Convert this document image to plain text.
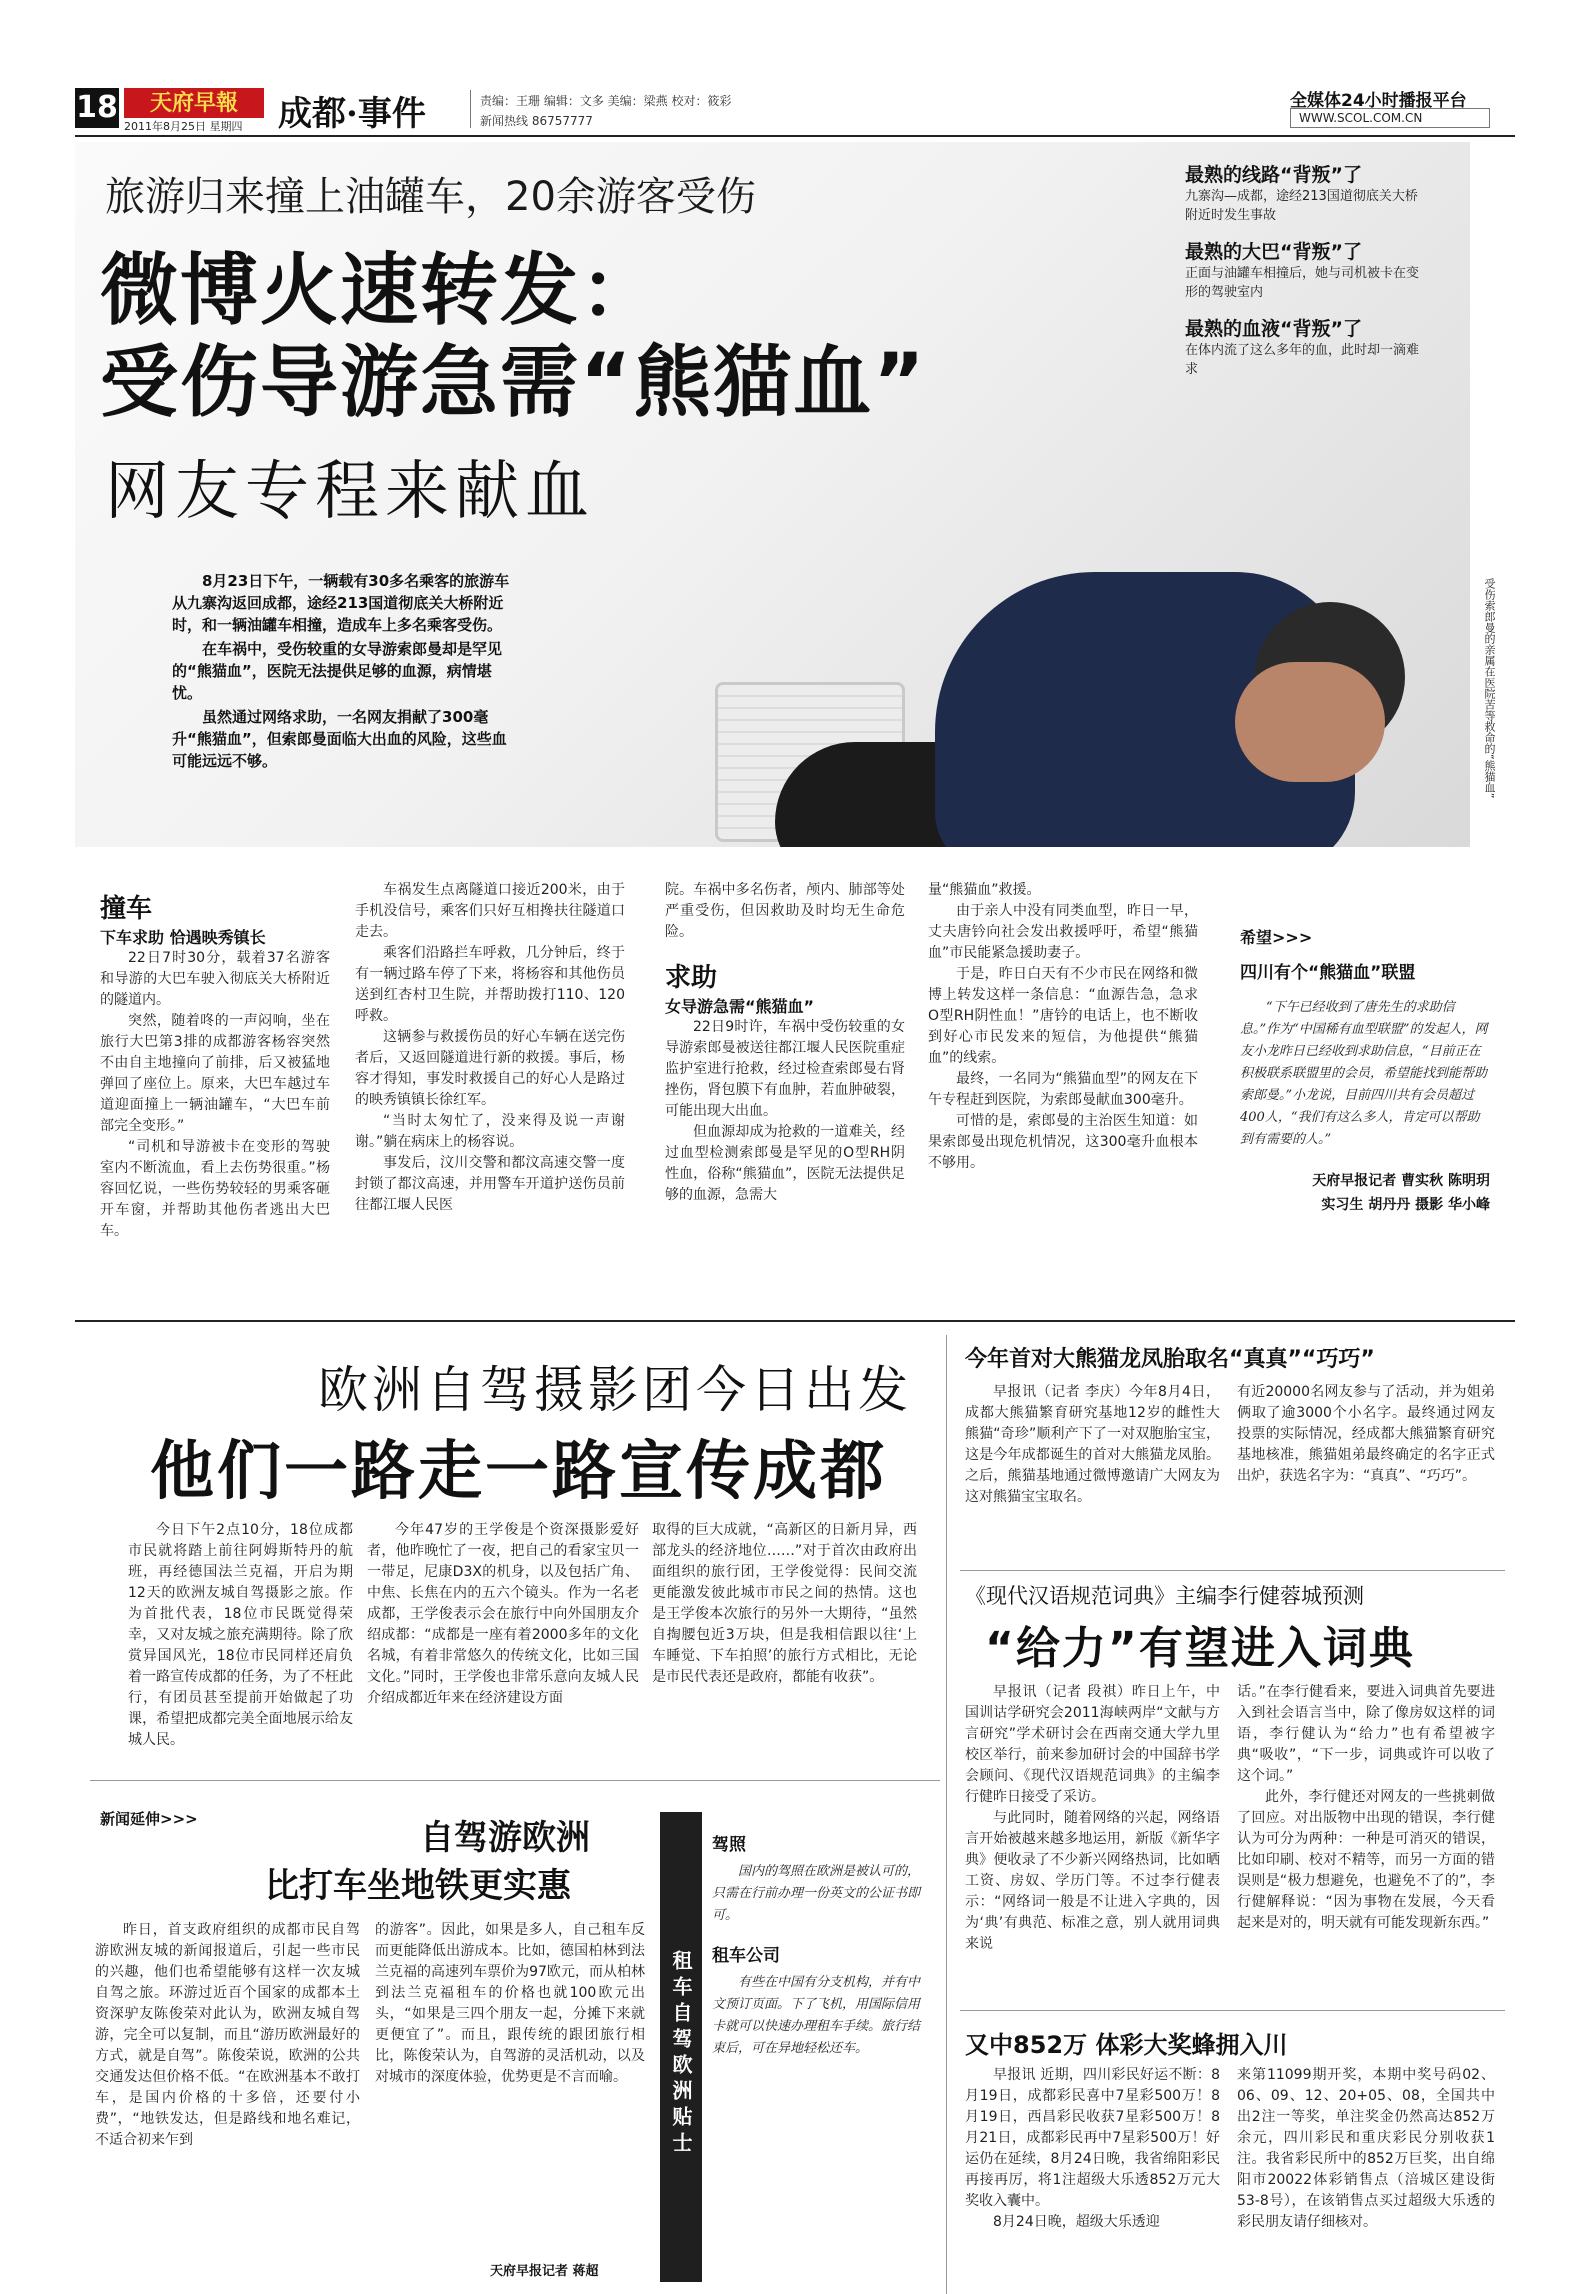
18	天府早報
2011年8月25日 星期四 成都·事件	责编：王珊 编辑：文多 美编：梁燕 校对：筱彩
新闻热线 86757777
全媒体24小时播报平台
WWW.SCOL.COM.CN
旅游归来撞上油罐车，20余游客受伤
微博火速转发：
受伤导游急需“熊猫血”
网友专程来献血

8月23日下午，一辆载有30多名乘客的旅游车从九寨沟返回成都，途经213国道彻底关大桥附近时，和一辆油罐车相撞，造成车上多名乘客受伤。

在车祸中，受伤较重的女导游索郎曼却是罕见的“熊猫血”，医院无法提供足够的血源，病情堪忧。

虽然通过网络求助，一名网友捐献了300毫升“熊猫血”，但索郎曼面临大出血的风险，这些血可能远远不够。

最熟的线路“背叛”了
九寨沟—成都，途经213国道彻底关大桥附近时发生事故
最熟的大巴“背叛”了
正面与油罐车相撞后，她与司机被卡在变形的驾驶室内
最熟的血液“背叛”了
在体内流了这么多年的血，此时却一滴难求
受伤索郎曼的亲属在医院苦等救命的“熊猫血”
撞车
下车求助 恰遇映秀镇长

22日7时30分，载着37名游客和导游的大巴车驶入彻底关大桥附近的隧道内。

突然，随着咚的一声闷响，坐在旅行大巴第3排的成都游客杨容突然不由自主地撞向了前排，后又被猛地弹回了座位上。原来，大巴车越过车道迎面撞上一辆油罐车，“大巴车前部完全变形。”

“司机和导游被卡在变形的驾驶室内不断流血，看上去伤势很重。”杨容回忆说，一些伤势较轻的男乘客砸开车窗，并帮助其他伤者逃出大巴车。

车祸发生点离隧道口接近200米，由于手机没信号，乘客们只好互相搀扶往隧道口走去。

乘客们沿路拦车呼救，几分钟后，终于有一辆过路车停了下来，将杨容和其他伤员送到红杏村卫生院，并帮助拨打110、120呼救。

这辆参与救援伤员的好心车辆在送完伤者后，又返回隧道进行新的救援。事后，杨容才得知，事发时救援自己的好心人是路过的映秀镇镇长徐红军。

“当时太匆忙了，没来得及说一声谢谢。”躺在病床上的杨容说。

事发后，汶川交警和都汶高速交警一度封锁了都汶高速，并用警车开道护送伤员前往都江堰人民医

院。车祸中多名伤者，颅内、肺部等处严重受伤，但因救助及时均无生命危险。

求助
女导游急需“熊猫血”

22日9时许，车祸中受伤较重的女导游索郎曼被送往都江堰人民医院重症监护室进行抢救，经过检查索郎曼右肾挫伤，肾包膜下有血肿，若血肿破裂，可能出现大出血。

但血源却成为抢救的一道难关，经过血型检测索郎曼是罕见的O型RH阴性血，俗称“熊猫血”，医院无法提供足够的血源，急需大

量“熊猫血”救援。

由于亲人中没有同类血型，昨日一早，丈夫唐钤向社会发出救援呼吁，希望“熊猫血”市民能紧急援助妻子。

于是，昨日白天有不少市民在网络和微博上转发这样一条信息：“血源告急，急求O型RH阴性血！”唐钤的电话上，也不断收到好心市民发来的短信，为他提供“熊猫血”的线索。

最终，一名同为“熊猫血型”的网友在下午专程赶到医院，为索郎曼献血300毫升。

可惜的是，索郎曼的主治医生知道：如果索郎曼出现危机情况，这300毫升血根本不够用。

希望>>>
四川有个“熊猫血”联盟

“下午已经收到了唐先生的求助信息。”作为“中国稀有血型联盟”的发起人，网友小龙昨日已经收到求助信息，“目前正在积极联系联盟里的会员，希望能找到能帮助索郎曼。”小龙说，目前四川共有会员超过400人，“我们有这么多人，肯定可以帮助到有需要的人。”

天府早报记者 曹实秋 陈明玥
实习生 胡丹丹 摄影 华小峰
欧洲自驾摄影团今日出发
他们一路走一路宣传成都

今日下午2点10分，18位成都市民就将踏上前往阿姆斯特丹的航班，再经德国法兰克福，开启为期12天的欧洲友城自驾摄影之旅。作为首批代表，18位市民既觉得荣幸，又对友城之旅充满期待。除了欣赏异国风光，18位市民同样还肩负着一路宣传成都的任务，为了不枉此行，有团员甚至提前开始做起了功课，希望把成都完美全面地展示给友城人民。

今年47岁的王学俊是个资深摄影爱好者，他昨晚忙了一夜，把自己的看家宝贝一一带足，尼康D3X的机身，以及包括广角、中焦、长焦在内的五六个镜头。作为一名老成都，王学俊表示会在旅行中向外国朋友介绍成都：“成都是一座有着2000多年的文化名城，有着非常悠久的传统文化，比如三国文化。”同时，王学俊也非常乐意向友城人民介绍成都近年来在经济建设方面

取得的巨大成就，“高新区的日新月异，西部龙头的经济地位……”对于首次由政府出面组织的旅行团，王学俊觉得：民间交流更能激发彼此城市市民之间的热情。这也是王学俊本次旅行的另外一大期待，“虽然自掏腰包近3万块，但是我相信跟以往‘上车睡觉、下车拍照’的旅行方式相比，无论是市民代表还是政府，都能有收获”。

新闻延伸>>>	自驾游欧洲
比打车坐地铁更实惠

昨日，首支政府组织的成都市民自驾游欧洲友城的新闻报道后，引起一些市民的兴趣，他们也希望能够有这样一次友城自驾之旅。环游过近百个国家的成都本土资深驴友陈俊荣对此认为，欧洲友城自驾游，完全可以复制，而且“游历欧洲最好的方式，就是自驾”。陈俊荣说，欧洲的公共交通发达但价格不低。“在欧洲基本不敢打车，是国内价格的十多倍，还要付小费”，“地铁发达，但是路线和地名难记，不适合初来乍到

的游客”。因此，如果是多人，自己租车反而更能降低出游成本。比如，德国柏林到法兰克福的高速列车票价为97欧元，而从柏林到法兰克福租车的价格也就100欧元出头，“如果是三四个朋友一起，分摊下来就更便宜了”。而且，跟传统的跟团旅行相比，陈俊荣认为，自驾游的灵活机动，以及对城市的深度体验，优势更是不言而喻。

天府早报记者 蒋超
租车自驾欧洲贴士
驾照

国内的驾照在欧洲是被认可的，只需在行前办理一份英文的公证书即可。

租车公司

有些在中国有分支机构，并有中文预订页面。下了飞机，用国际信用卡就可以快速办理租车手续。旅行结束后，可在异地轻松还车。

今年首对大熊猫龙凤胎取名“真真”“巧巧”

早报讯（记者 李庆）今年8月4日，成都大熊猫繁育研究基地12岁的雌性大熊猫“奇珍”顺利产下了一对双胞胎宝宝，这是今年成都诞生的首对大熊猫龙凤胎。之后，熊猫基地通过微博邀请广大网友为这对熊猫宝宝取名。

有近20000名网友参与了活动，并为姐弟俩取了逾3000个小名字。最终通过网友投票的实际情况，经成都大熊猫繁育研究基地核准，熊猫姐弟最终确定的名字正式出炉，获选名字为：“真真”、“巧巧”。

《现代汉语规范词典》主编李行健蓉城预测
“给力”有望进入词典

早报讯（记者 段祺）昨日上午，中国训诂学研究会2011海峡两岸“文献与方言研究”学术研讨会在西南交通大学九里校区举行，前来参加研讨会的中国辞书学会顾问、《现代汉语规范词典》的主编李行健昨日接受了采访。

与此同时，随着网络的兴起，网络语言开始被越来越多地运用，新版《新华字典》便收录了不少新兴网络热词，比如晒工资、房奴、学历门等。不过李行健表示：“网络词一般是不让进入字典的，因为‘典’有典范、标准之意，别人就用词典来说

话。”在李行健看来，要进入词典首先要进入到社会语言当中，除了像房奴这样的词语，李行健认为“给力”也有希望被字典“吸收”，“下一步，词典或许可以收了这个词。”

此外，李行健还对网友的一些挑刺做了回应。对出版物中出现的错误，李行健认为可分为两种：一种是可消灭的错误，比如印刷、校对不精等，而另一方面的错误则是“极力想避免，也避免不了的”，李行健解释说：“因为事物在发展，今天看起来是对的，明天就有可能发现新东西。”

又中852万 体彩大奖蜂拥入川

早报讯 近期，四川彩民好运不断：8月19日，成都彩民喜中7星彩500万！8月19日，西昌彩民收获7星彩500万！8月21日，成都彩民再中7星彩500万！好运仍在延续，8月24日晚，我省绵阳彩民再接再厉，将1注超级大乐透852万元大奖收入囊中。

8月24日晚，超级大乐透迎

来第11099期开奖，本期中奖号码02、06、09、12、20+05、08，全国共中出2注一等奖，单注奖金仍然高达852万余元，四川彩民和重庆彩民分别收获1注。我省彩民所中的852万巨奖，出自绵阳市20022体彩销售点（涪城区建设街53-8号），在该销售点买过超级大乐透的彩民朋友请仔细核对。
